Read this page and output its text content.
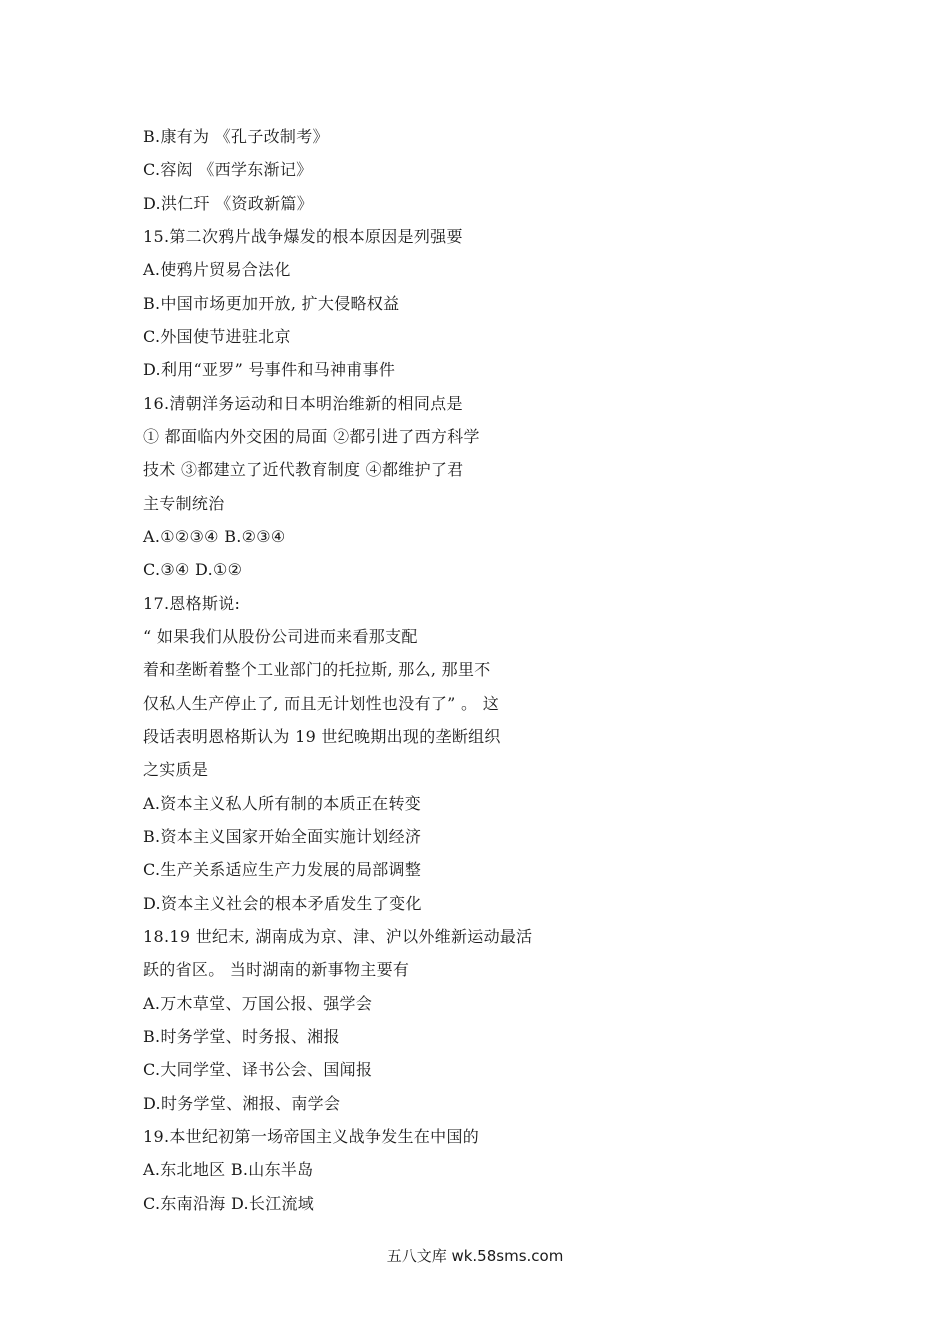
B.康有为 《孔子改制考》
C.容闳 《西学东渐记》
D.洪仁玕 《资政新篇》
15.第二次鸦片战争爆发的根本原因是列强要
A.使鸦片贸易合法化
B.中国市场更加开放, 扩大侵略权益
C.外国使节进驻北京
D.利用“亚罗” 号事件和马神甫事件
16.清朝洋务运动和日本明治维新的相同点是
① 都面临内外交困的局面 ②都引进了西方科学
技术 ③都建立了近代教育制度 ④都维护了君
主专制统治
A.①②③④ B.②③④
C.③④ D.①②
17.恩格斯说:
“ 如果我们从股份公司进而来看那支配
着和垄断着整个工业部门的托拉斯, 那么, 那里不
仅私人生产停止了, 而且无计划性也没有了” 。 这
段话表明恩格斯认为 19 世纪晚期出现的垄断组织
之实质是
A.资本主义私人所有制的本质正在转变
B.资本主义国家开始全面实施计划经济
C.生产关系适应生产力发展的局部调整
D.资本主义社会的根本矛盾发生了变化
18.19 世纪末, 湖南成为京、津、沪以外维新运动最活
跃的省区。 当时湖南的新事物主要有
A.万木草堂、万国公报、强学会
B.时务学堂、时务报、湘报
C.大同学堂、译书公会、国闻报
D.时务学堂、湘报、南学会
19.本世纪初第一场帝国主义战争发生在中国的
A.东北地区 B.山东半岛
C.东南沿海 D.长江流域
五八文库 wk.58sms.com
